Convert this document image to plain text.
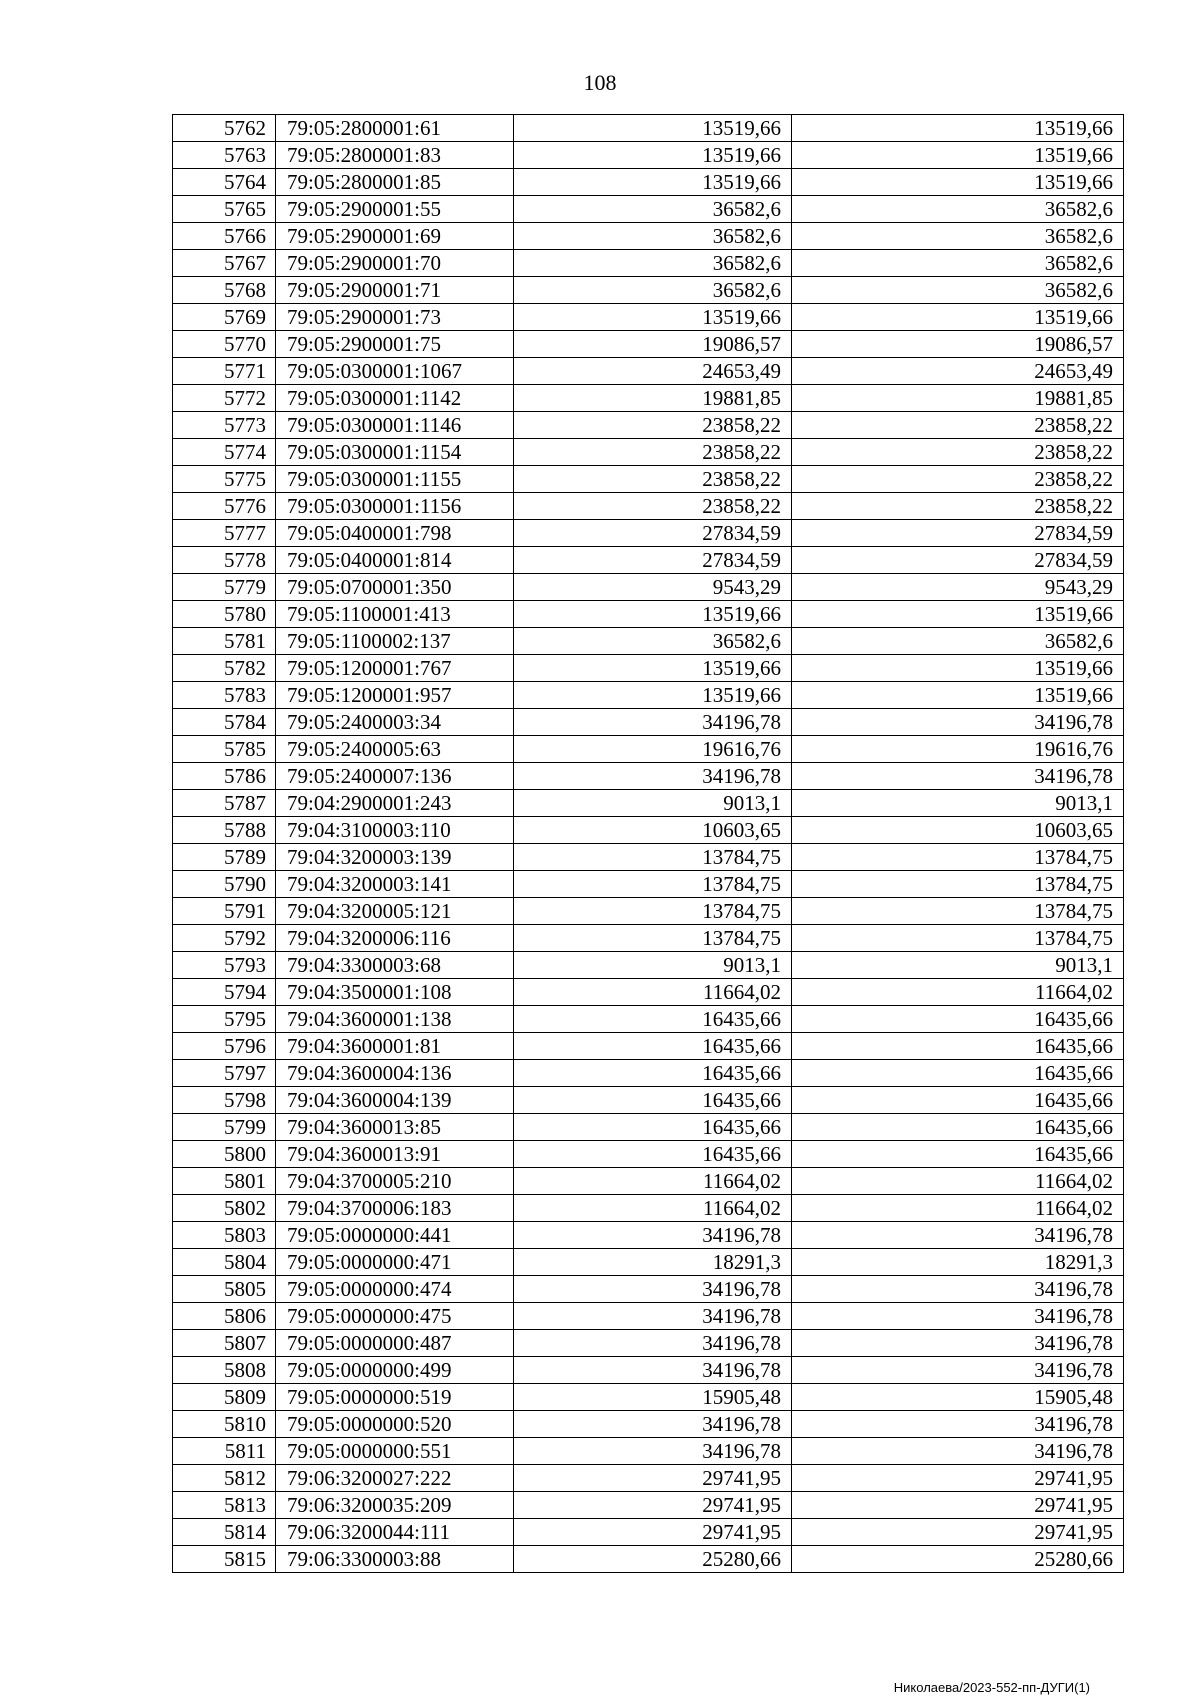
108
5762	79:05:2800001:61	13519,66	13519,66
5763	79:05:2800001:83	13519,66	13519,66
5764	79:05:2800001:85	13519,66	13519,66
5765	79:05:2900001:55	36582,6	36582,6
5766	79:05:2900001:69	36582,6	36582,6
5767	79:05:2900001:70	36582,6	36582,6
5768	79:05:2900001:71	36582,6	36582,6
5769	79:05:2900001:73	13519,66	13519,66
5770	79:05:2900001:75	19086,57	19086,57
5771	79:05:0300001:1067	24653,49	24653,49
5772	79:05:0300001:1142	19881,85	19881,85
5773	79:05:0300001:1146	23858,22	23858,22
5774	79:05:0300001:1154	23858,22	23858,22
5775	79:05:0300001:1155	23858,22	23858,22
5776	79:05:0300001:1156	23858,22	23858,22
5777	79:05:0400001:798	27834,59	27834,59
5778	79:05:0400001:814	27834,59	27834,59
5779	79:05:0700001:350	9543,29	9543,29
5780	79:05:1100001:413	13519,66	13519,66
5781	79:05:1100002:137	36582,6	36582,6
5782	79:05:1200001:767	13519,66	13519,66
5783	79:05:1200001:957	13519,66	13519,66
5784	79:05:2400003:34	34196,78	34196,78
5785	79:05:2400005:63	19616,76	19616,76
5786	79:05:2400007:136	34196,78	34196,78
5787	79:04:2900001:243	9013,1	9013,1
5788	79:04:3100003:110	10603,65	10603,65
5789	79:04:3200003:139	13784,75	13784,75
5790	79:04:3200003:141	13784,75	13784,75
5791	79:04:3200005:121	13784,75	13784,75
5792	79:04:3200006:116	13784,75	13784,75
5793	79:04:3300003:68	9013,1	9013,1
5794	79:04:3500001:108	11664,02	11664,02
5795	79:04:3600001:138	16435,66	16435,66
5796	79:04:3600001:81	16435,66	16435,66
5797	79:04:3600004:136	16435,66	16435,66
5798	79:04:3600004:139	16435,66	16435,66
5799	79:04:3600013:85	16435,66	16435,66
5800	79:04:3600013:91	16435,66	16435,66
5801	79:04:3700005:210	11664,02	11664,02
5802	79:04:3700006:183	11664,02	11664,02
5803	79:05:0000000:441	34196,78	34196,78
5804	79:05:0000000:471	18291,3	18291,3
5805	79:05:0000000:474	34196,78	34196,78
5806	79:05:0000000:475	34196,78	34196,78
5807	79:05:0000000:487	34196,78	34196,78
5808	79:05:0000000:499	34196,78	34196,78
5809	79:05:0000000:519	15905,48	15905,48
5810	79:05:0000000:520	34196,78	34196,78
5811	79:05:0000000:551	34196,78	34196,78
5812	79:06:3200027:222	29741,95	29741,95
5813	79:06:3200035:209	29741,95	29741,95
5814	79:06:3200044:111	29741,95	29741,95
5815	79:06:3300003:88	25280,66	25280,66
Николаева/2023-552-пп-ДУГИ(1)
